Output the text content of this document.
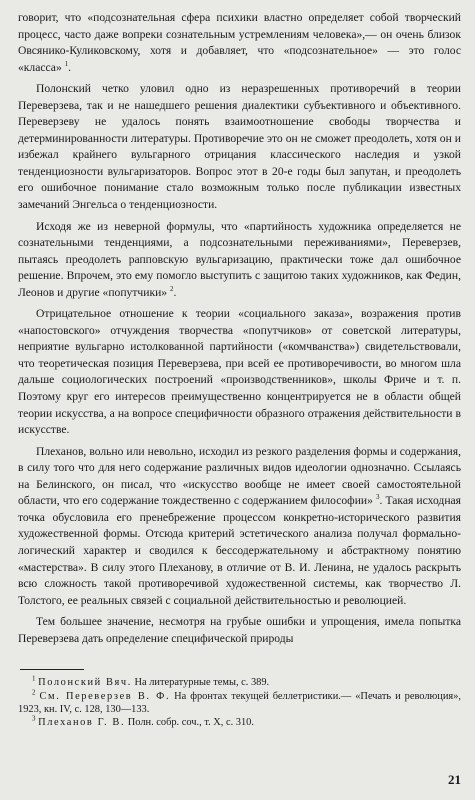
говорит, что «подсознательная сфера психики властно определяет собой творческий процесс, часто даже вопреки сознательным устремлениям человека»,— он очень близок Овсянико-Куликовскому, хотя и добавляет, что «подсознательное» — это голос «класса» $^1$.

Полонский четко уловил одно из неразрешенных противоречий в теории Переверзева, так и не нашедшего решения диалектики субъективного и объективного. Переверзеву не удалось понять взаимоотношение свободы творчества и детерминированности литературы. Противоречие это он не сможет преодолеть, хотя он и избежал крайнего вульгарного отрицания классического наследия и узкой тенденциозности вульгаризаторов. Вопрос этот в 20-е годы был запутан, и преодолеть его ошибочное понимание стало возможным только после публикации известных замечаний Энгельса о тенденциозности.

Исходя же из неверной формулы, что «партийность художника определяется не сознательными тенденциями, а подсознательными переживаниями», Переверзев, пытаясь преодолеть рапповскую вульгаризацию, практически тоже дал ошибочное решение. Впрочем, это ему помогло выступить с защитою таких художников, как Федин, Леонов и другие «попутчики» $^2$.

Отрицательное отношение к теории «социального заказа», возражения против «напостовского» отчуждения творчества «попутчиков» от советской литературы, неприятие вульгарно истолкованной партийности («комчванства») свидетельствовали, что теоретическая позиция Переверзева, при всей ее противоречивости, во многом шла дальше социологических построений «производственников», школы Фриче и т. п. Поэтому круг его интересов преимущественно концентрируется не в области общей теории искусства, а на вопросе специфичности образного отражения действительности в искусстве.

Плеханов, вольно или невольно, исходил из резкого разделения формы и содержания, в силу того что для него содержание различных видов идеологии однозначно. Ссылаясь на Белинского, он писал, что «искусство вообще не имеет своей самостоятельной области, что его содержание тождественно с содержанием философии» $^3$. Такая исходная точка обусловила его пренебрежение процессом конкретно-исторического развития художественной формы. Отсюда критерий эстетического анализа получал формально-логический характер и сводился к бессодержательному и абстрактному понятию «мастерства». В силу этого Плеханову, в отличие от В. И. Ленина, не удалось раскрыть всю сложность такой противоречивой художественной системы, как творчество Л. Толстого, ее реальных связей с социальной действительностью и революцией.

Тем большее значение, несмотря на грубые ошибки и упрощения, имела попытка Переверзева дать определение специфической природы

$^1$ Полонский Вяч. На литературные темы, с. 389.

$^2$ См. Переверзев В. Ф. На фронтах текущей беллетристики.— «Печать и революция», 1923, кн. IV, с. 128, 130—133.

$^3$ Плеханов Г. В. Полн. собр. соч., т. X, с. 310.

21
